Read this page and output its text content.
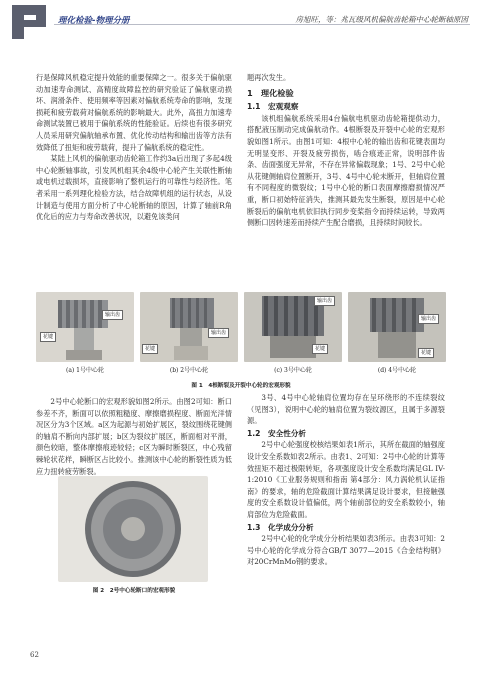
理化检验-物理分册	房旭旺，等：兆瓦级风机偏航齿轮箱中心轮断轴原因

行是保障风机稳定提升效能的重要保障之一。很多关于偏航驱动加速寿命测试、高精度故障监控的研究验证了偏航驱动损坏、润滑条件、使用频率等因素对偏航系统寿命的影响，发现损耗和疲劳载荷对偏航系统的影响最大。此外，高扭力加速寿命测试装置已被用于偏航系统的性能验证。后续也有很多研究人员采用研究偏航轴承布置、优化传动结构和输出齿等方法有效降低了扭矩和疲劳载荷，提升了偏航系统的稳定性。

某陆上风机的偏航驱动齿轮箱工作约3a后出现了多起4级中心轮断轴事故，引发风机组其余4级中心轮产生关联性断轴或电机过载损坏，直接影响了整机运行的可靠性与经济性。笔者采用一系列理化检验方法，结合故障机组的运行状态，从设计制造与使用方面分析了中心轮断轴的原因，计算了轴前R角优化后的应力与寿命改善状况，以避免该类问

题再次发生。

1　理化检验

1.1　宏观观察

该机组偏航系统采用4台偏航电机驱动齿轮箱提供动力，搭配液压制动完成偏航动作。4根断裂及开裂中心轮的宏观形貌如图1所示。由图1可知：4根中心轮的输出齿和花键表面均无明显变形、开裂及疲劳损伤，啮合痕迹正常，说明部件齿条、齿面强度无异常，不存在异常偏载现象；1号、2号中心轮从花键侧轴肩位置断开，3号、4号中心轮未断开，但轴肩位置有不同程度的微裂纹；1号中心轮的断口表面摩擦磨损情况严重，断口初始特征消失，推测其最先发生断裂，原因是中心轮断裂后的偏航电机依旧执行同步变桨指令而持续运转，导致两侧断口因转速差而持续产生配合磨损，且持续时间较长。

花键
输出齿
花键
输出齿
输出齿
花键
输出齿
花键
(a) 1号中心轮	(b) 2号中心轮	(c) 3号中心轮	(d) 4号中心轮
图 1　4根断裂及开裂中心轮的宏观形貌

2号中心轮断口的宏观形貌如图2所示。由图2可知：断口参差不齐，断面可以依照粗糙度、摩擦磨损程度、断面光洋情况区分为3个区域。a区为起源与初始扩展区，裂纹围绕花键侧的轴肩不断向内部扩展；b区为裂纹扩展区，断面相对平滑，颜色较暗，整体摩擦痕迹较轻；c区为瞬时断裂区，中心残留棘轮状花样，瞬断区占比较小。推测该中心轮的断裂性质为低应力扭转疲劳断裂。

图 2　2号中心轮断口的宏观形貌

3号、4号中心轮轴肩位置均存在呈环绕形的不连续裂纹（见图3），说明中心轮的轴肩位置为裂纹源区，且属于多源裂源。

1.2　安全性分析

2号中心轮强度校核结果如表1所示，其所在截面的轴强度设计安全系数如表2所示。由表1、2可知：2号中心轮的计算等效扭矩不超过极限转矩，各项强度设计安全系数均满足GL IV-1:2010《工业服务规则和指南 第4部分：风力涡轮机认证指南》的要求，轴的危险截面计算结果满足设计要求，但接触强度的安全系数设计值偏低，两个轴前部位的安全系数较小，轴肩部位为危险截面。

1.3　化学成分分析

2号中心轮的化学成分分析结果如表3所示。由表3可知：2号中心轮的化学成分符合GB/T 3077—2015《合金结构钢》对20CrMnMo钢的要求。

62
